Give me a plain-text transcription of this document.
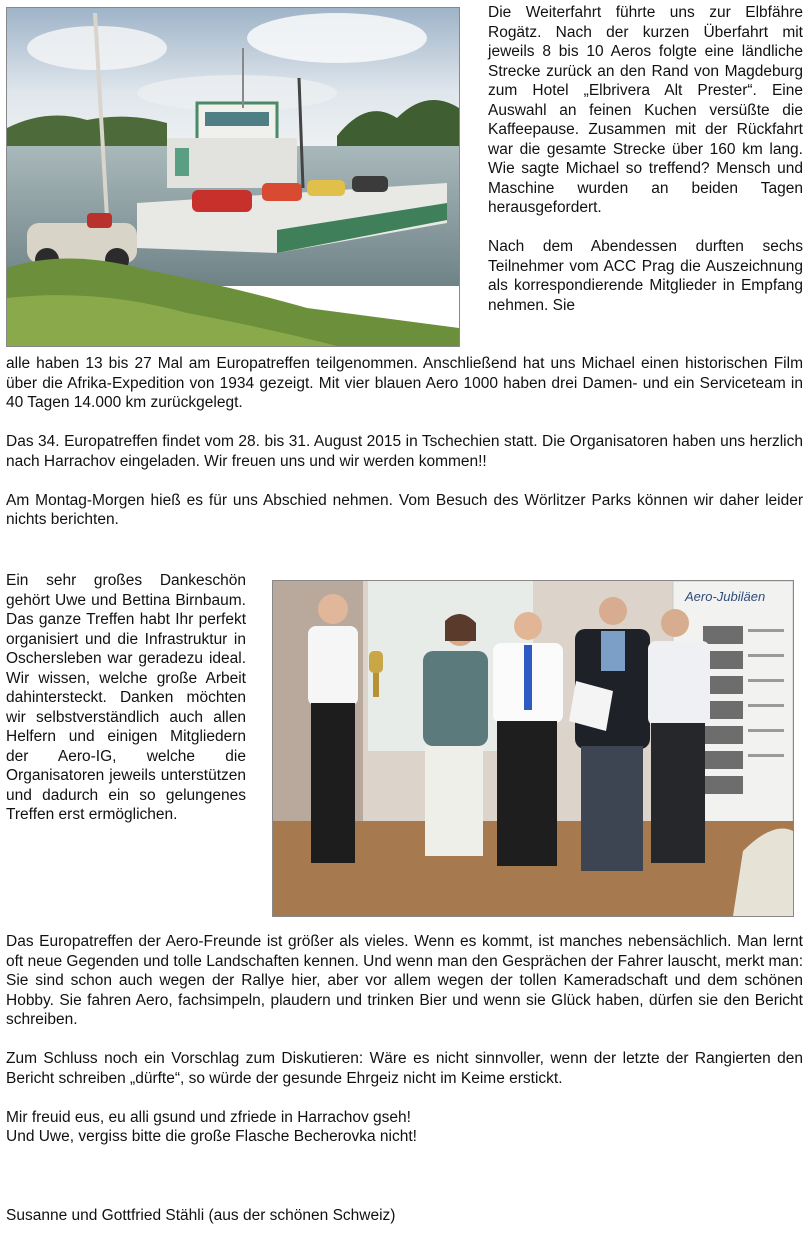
Die Weiterfahrt führte uns zur Elbfähre Rogätz. Nach der kurzen Überfahrt mit jeweils 8 bis 10 Aeros folgte eine ländliche Strecke zurück an den Rand von Magdeburg zum Hotel „Elbrivera Alt Prester“. Eine Auswahl an feinen Kuchen versüßte die Kaffeepause. Zusammen mit der Rückfahrt war die gesamte Strecke über 160 km lang. Wie sagte Michael so treffend? Mensch und Maschine wurden an beiden Tagen herausgefordert.

Nach dem Abendessen durften sechs Teilnehmer vom ACC Prag die Auszeichnung als korrespondierende Mitglieder in Empfang nehmen. Sie

alle haben 13 bis 27 Mal am Europatreffen teilgenommen. Anschließend hat uns Michael einen historischen Film über die Afrika-Expedition von 1934 gezeigt. Mit vier blauen Aero 1000 haben drei Damen- und ein Serviceteam in 40 Tagen 14.000 km zurückgelegt.

Das 34. Europatreffen findet vom 28. bis 31. August 2015 in Tschechien statt. Die Organisatoren haben uns herzlich nach Harrachov eingeladen. Wir freuen uns und wir werden kommen!!

Am Montag-Morgen hieß es für uns Abschied nehmen. Vom Besuch des Wörlitzer Parks können wir daher leider nichts berichten.

Ein sehr großes Dankeschön gehört Uwe und Bettina Birnbaum. Das ganze Treffen habt Ihr perfekt organisiert und die Infrastruktur in Oschersleben war geradezu ideal. Wir wissen, welche große Arbeit dahintersteckt. Danken möchten wir selbstverständlich auch allen Helfern und einigen Mitgliedern der Aero-IG, welche die Organisatoren jeweils unterstützen und dadurch ein so gelungenes Treffen erst ermöglichen.

Aero-Jubiläen

Das Europatreffen der Aero-Freunde ist größer als vieles. Wenn es kommt, ist manches nebensächlich. Man lernt oft neue Gegenden und tolle Landschaften kennen. Und wenn man den Gesprächen der Fahrer lauscht, merkt man: Sie sind schon auch wegen der Rallye hier, aber vor allem wegen der tollen Kameradschaft und dem schönen Hobby. Sie fahren Aero, fachsimpeln, plaudern und trinken Bier und wenn sie Glück haben, dürfen sie den Bericht schreiben.

Zum Schluss noch ein Vorschlag zum Diskutieren: Wäre es nicht sinnvoller, wenn der letzte der Rangierten den Bericht schreiben „dürfte“, so würde der gesunde Ehrgeiz nicht im Keime erstickt.

Mir freuid eus, eu alli gsund und zfriede in Harrachov gseh!

Und Uwe, vergiss bitte die große Flasche Becherovka nicht!

Susanne und Gottfried Stähli (aus der schönen Schweiz)
